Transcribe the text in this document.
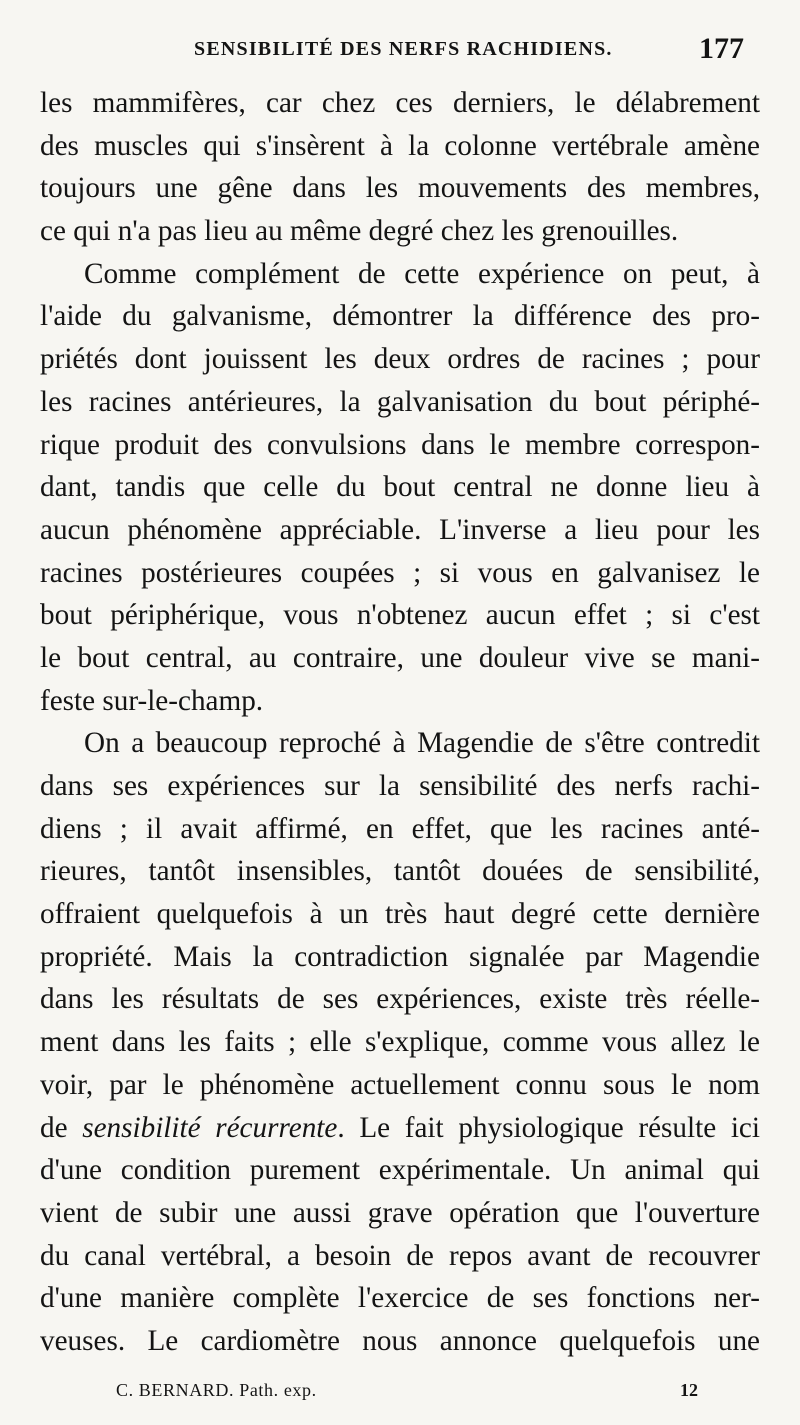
SENSIBILITÉ DES NERFS RACHIDIENS.	177
les mammifères, car chez ces derniers, le délabrement
des muscles qui s'insèrent à la colonne vertébrale amène
toujours une gêne dans les mouvements des membres,
ce qui n'a pas lieu au même degré chez les grenouilles.
Comme complément de cette expérience on peut, à
l'aide du galvanisme, démontrer la différence des pro-
priétés dont jouissent les deux ordres de racines ; pour
les racines antérieures, la galvanisation du bout périphé-
rique produit des convulsions dans le membre correspon-
dant, tandis que celle du bout central ne donne lieu à
aucun phénomène appréciable. L'inverse a lieu pour les
racines postérieures coupées ; si vous en galvanisez le
bout périphérique, vous n'obtenez aucun effet ; si c'est
le bout central, au contraire, une douleur vive se mani-
feste sur-le-champ.
On a beaucoup reproché à Magendie de s'être contredit
dans ses expériences sur la sensibilité des nerfs rachi-
diens ; il avait affirmé, en effet, que les racines anté-
rieures, tantôt insensibles, tantôt douées de sensibilité,
offraient quelquefois à un très haut degré cette dernière
propriété. Mais la contradiction signalée par Magendie
dans les résultats de ses expériences, existe très réelle-
ment dans les faits ; elle s'explique, comme vous allez le
voir, par le phénomène actuellement connu sous le nom
de sensibilité récurrente. Le fait physiologique résulte ici
d'une condition purement expérimentale. Un animal qui
vient de subir une aussi grave opération que l'ouverture
du canal vertébral, a besoin de repos avant de recouvrer
d'une manière complète l'exercice de ses fonctions ner-
veuses. Le cardiomètre nous annonce quelquefois une
C. BERNARD. Path. exp.	12
